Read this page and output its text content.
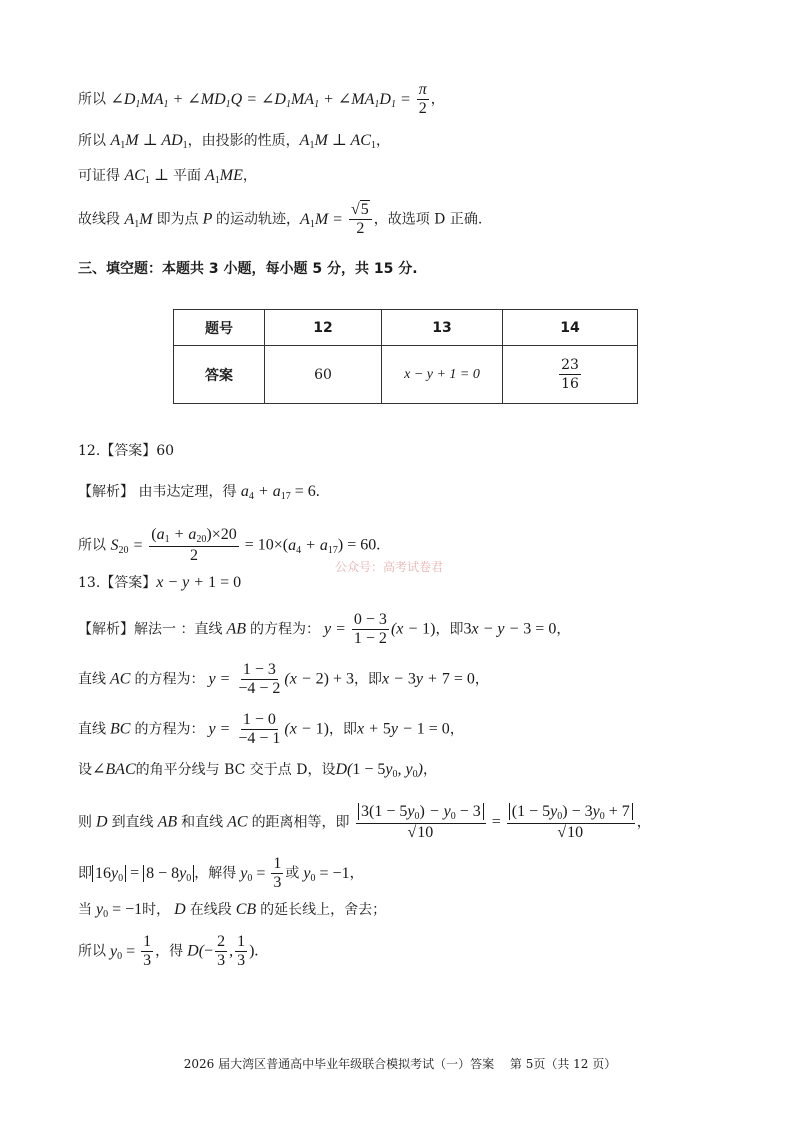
所以 $\angle D_1MA_1$ + $\angle MD_1Q$ = $\angle D_1MA_1$ + $\angle MA_1D_1 = \frac{\pi}{2}$ ，
所以 $A_1M$ ⊥ $AD_1$，由投影的性质，$A_1M$ ⊥ $AC_1$，
可证得 $AC_1$ ⊥ 平面 $A_1ME$，
故线段 $A_1M$ 即为点 P 的运动轨迹，$A_1M = \frac{√5}{2}$ ，故选项 D 正确.
三、填空题：本题共 3 小题，每小题 5 分，共 15 分.
题号	12	13	14
答案	60	x − y + 1 = 0	$\frac{23}{16}$
12.【答案】60
【解析】 由韦达定理，得 $a_4 + a_{17} = 6$.
所以 $S_{20} = \frac{(a_1 + a_{20})\times 20}{2} = 10\times(a_4 + a_{17}) = 60$.
公众号：高考试卷君
13.【答案】x − y + 1 = 0
【解析】解法一 ：直线 AB 的方程为： $y = \frac{0 - 3}{1 - 2} (x - 1)$，即3x − y − 3 = 0，
直线 AC 的方程为： $y = \frac{1 - 3}{-4 - 2} (x - 2) + 3$，即x − 3y + 7 = 0，
直线 BC 的方程为： $y = \frac{1 - 0}{-4 - 1} (x - 1)$，即x + 5y − 1 = 0，
设∠BAC的角平分线与 BC 交于点 D，设$D(1 - 5y_0$, $y_0$)，
则 D 到直线 AB 和直线 AC 的距离相等，即 $\frac{3(1 - 5y_0) - y_0 - 3}{√10} = \frac{(1 - 5y_0) - 3y_0 + 7}{√10}$ ，
即 $16y_0 = 8 - 8y_0$ ，解得 $y_0 = \frac{1}{3}$ 或 $y_0 = -1$，
当 $y_0 = -1$时， D 在线段 CB 的延长线上，舍去；
所以 $y_0 = \frac{1}{3}$ ，得 $D(- \frac{2}{3}$ , $\frac{1}{3}$ ).
2026 届大湾区普通高中毕业年级联合模拟考试（一）答案　 第 5页（共 12 页）
